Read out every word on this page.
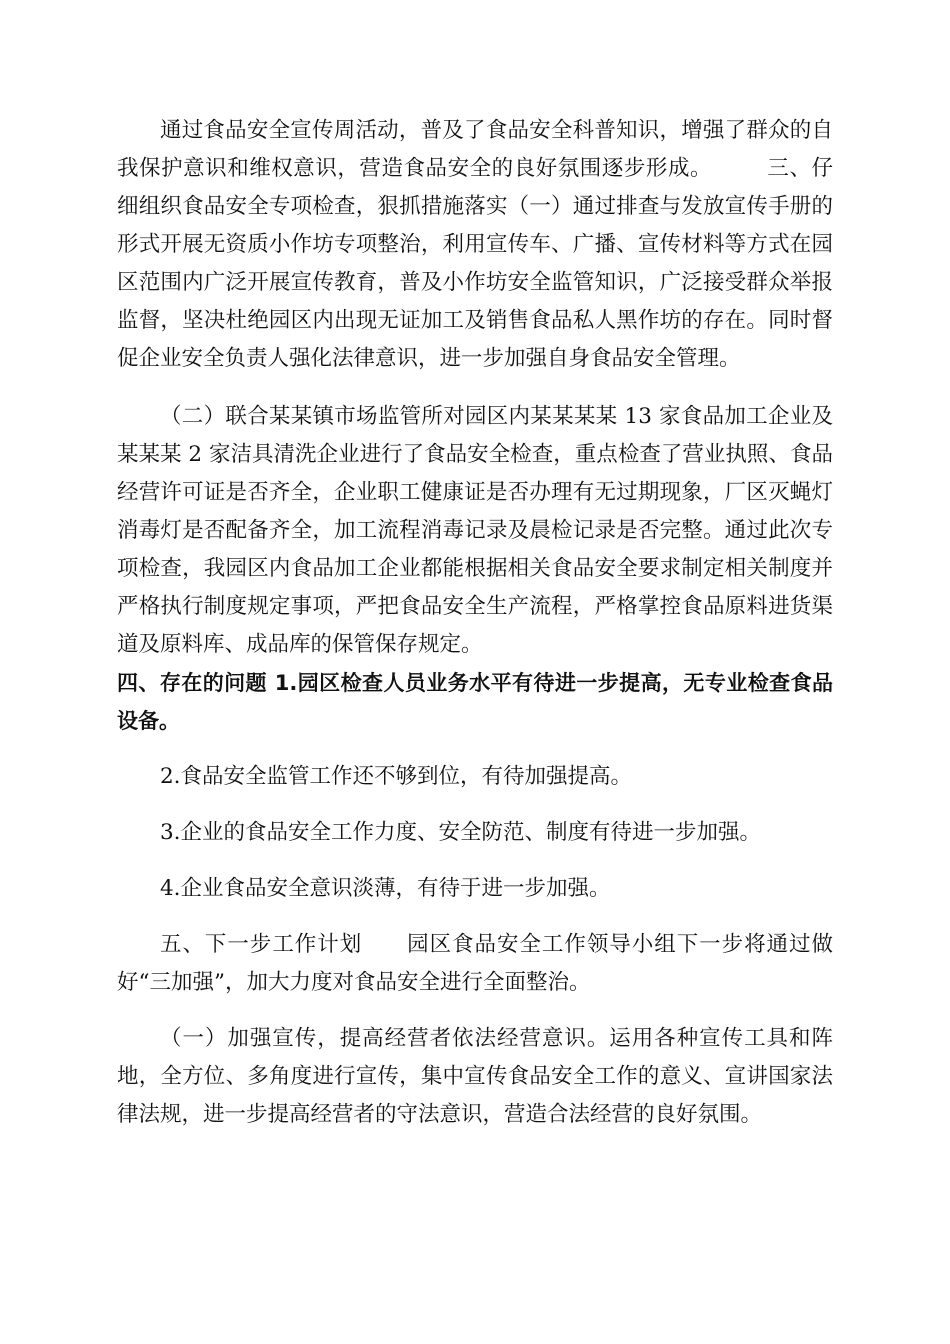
通过食品安全宣传周活动，普及了食品安全科普知识，增强了群众的自我保护意识和维权意识，营造食品安全的良好氛围逐步形成。　　　三、仔细组织食品安全专项检查，狠抓措施落实（一）通过排查与发放宣传手册的形式开展无资质小作坊专项整治，利用宣传车、广播、宣传材料等方式在园区范围内广泛开展宣传教育，普及小作坊安全监管知识，广泛接受群众举报监督，坚决杜绝园区内出现无证加工及销售食品私人黑作坊的存在。同时督促企业安全负责人强化法律意识，进一步加强自身食品安全管理。

（二）联合某某镇市场监管所对园区内某某某某 13 家食品加工企业及某某某 2 家洁具清洗企业进行了食品安全检查，重点检查了营业执照、食品经营许可证是否齐全，企业职工健康证是否办理有无过期现象，厂区灭蝇灯消毒灯是否配备齐全，加工流程消毒记录及晨检记录是否完整。通过此次专项检查，我园区内食品加工企业都能根据相关食品安全要求制定相关制度并严格执行制度规定事项，严把食品安全生产流程，严格掌控食品原料进货渠道及原料库、成品库的保管保存规定。

四、存在的问题 1.园区检查人员业务水平有待进一步提高，无专业检查食品设备。

2.食品安全监管工作还不够到位，有待加强提高。

3.企业的食品安全工作力度、安全防范、制度有待进一步加强。

4.企业食品安全意识淡薄，有待于进一步加强。

五、下一步工作计划　　园区食品安全工作领导小组下一步将通过做好“三加强”，加大力度对食品安全进行全面整治。

（一）加强宣传，提高经营者依法经营意识。运用各种宣传工具和阵地，全方位、多角度进行宣传，集中宣传食品安全工作的意义、宣讲国家法律法规，进一步提高经营者的守法意识，营造合法经营的良好氛围。
